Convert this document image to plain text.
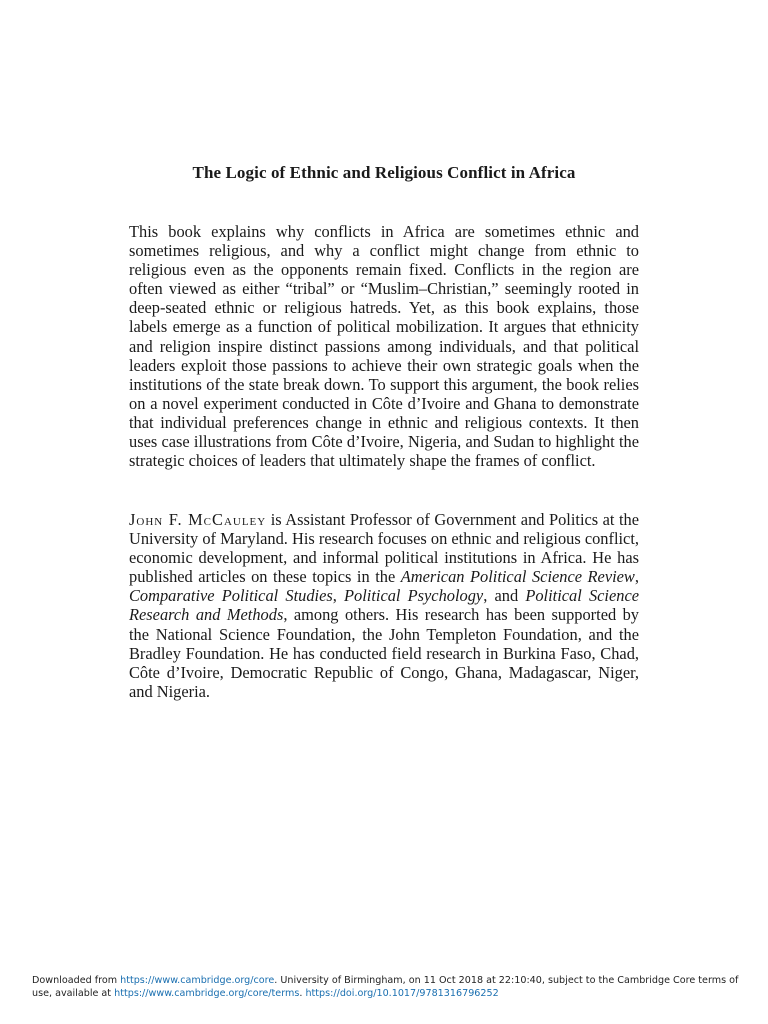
The Logic of Ethnic and Religious Conflict in Africa

This book explains why conflicts in Africa are sometimes ethnic and sometimes religious, and why a conflict might change from ethnic to religious even as the opponents remain fixed. Conflicts in the region are often viewed as either “tribal” or “Muslim–Christian,” seemingly rooted in deep-seated ethnic or religious hatreds. Yet, as this book explains, those labels emerge as a function of political mobilization. It argues that ethnicity and religion inspire distinct passions among individuals, and that political leaders exploit those passions to achieve their own strategic goals when the institutions of the state break down. To support this argument, the book relies on a novel experiment conducted in Côte d’Ivoire and Ghana to demonstrate that individual preferences change in ethnic and religious contexts. It then uses case illustrations from Côte d’Ivoire, Nigeria, and Sudan to highlight the strategic choices of leaders that ultimately shape the frames of conflict.

John F. McCauley is Assistant Professor of Government and Politics at the University of Maryland. His research focuses on ethnic and religious conflict, economic development, and informal political institutions in Africa. He has published articles on these topics in the American Political Science Review, Comparative Political Studies, Political Psychology, and Political Science Research and Methods, among others. His research has been supported by the National Science Foundation, the John Templeton Foundation, and the Bradley Foundation. He has conducted field research in Burkina Faso, Chad, Côte d’Ivoire, Democratic Republic of Congo, Ghana, Madagascar, Niger, and Nigeria.

Downloaded from https://www.cambridge.org/core. University of Birmingham, on 11 Oct 2018 at 22:10:40, subject to the Cambridge Core terms of use, available at https://www.cambridge.org/core/terms. https://doi.org/10.1017/9781316796252
